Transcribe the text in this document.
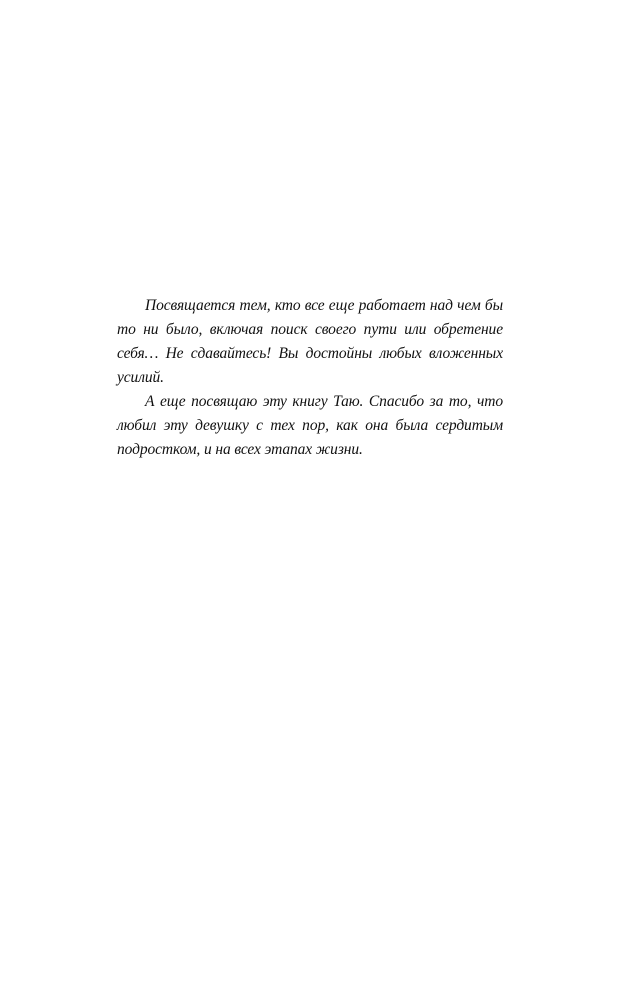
Посвящается тем, кто все еще работает над чем бы то ни было, включая поиск своего пути или обретение себя… Не сдавайтесь! Вы достойны любых вложенных усилий.

А еще посвящаю эту книгу Таю. Спасибо за то, что любил эту девушку с тех пор, как она была сердитым подростком, и на всех этапах жизни.
